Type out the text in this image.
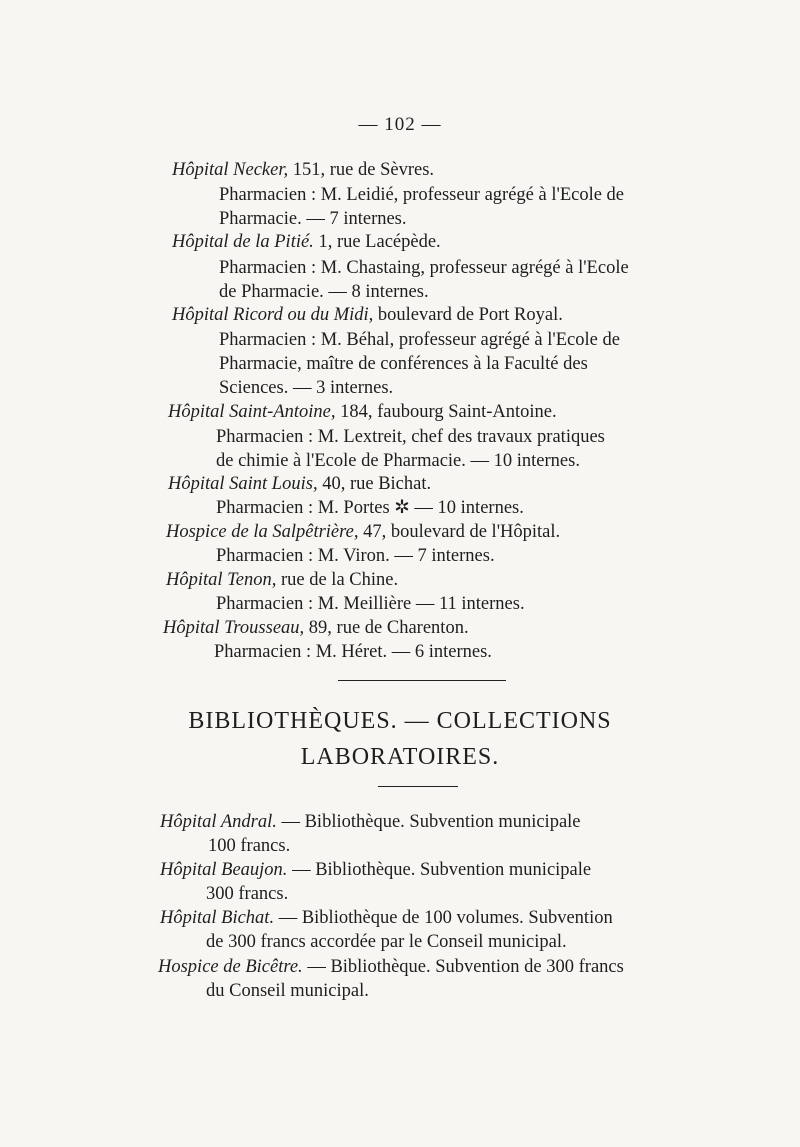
— 102 —
Hôpital Necker, 151, rue de Sèvres.
Pharmacien : M. Leidié, professeur agrégé à l'Ecole de
Pharmacie. — 7 internes.
Hôpital de la Pitié. 1, rue Lacépède.
Pharmacien : M. Chastaing, professeur agrégé à l'Ecole
de Pharmacie. — 8 internes.
Hôpital Ricord ou du Midi, boulevard de Port Royal.
Pharmacien : M. Béhal, professeur agrégé à l'Ecole de
Pharmacie, maître de conférences à la Faculté des
Sciences. — 3 internes.
Hôpital Saint-Antoine, 184, faubourg Saint-Antoine.
Pharmacien : M. Lextreit, chef des travaux pratiques
de chimie à l'Ecole de Pharmacie. — 10 internes.
Hôpital Saint Louis, 40, rue Bichat.
Pharmacien : M. Portes ✲ — 10 internes.
Hospice de la Salpêtrière, 47, boulevard de l'Hôpital.
Pharmacien : M. Viron. — 7 internes.
Hôpital Tenon, rue de la Chine.
Pharmacien : M. Meillière — 11 internes.
Hôpital Trousseau, 89, rue de Charenton.
Pharmacien : M. Héret. — 6 internes.
BIBLIOTHÈQUES. — COLLECTIONS
LABORATOIRES.
Hôpital Andral. — Bibliothèque. Subvention municipale
100 francs.
Hôpital Beaujon. — Bibliothèque. Subvention municipale
300 francs.
Hôpital Bichat. — Bibliothèque de 100 volumes. Subvention
de 300 francs accordée par le Conseil municipal.
Hospice de Bicêtre. — Bibliothèque. Subvention de 300 francs
du Conseil municipal.
